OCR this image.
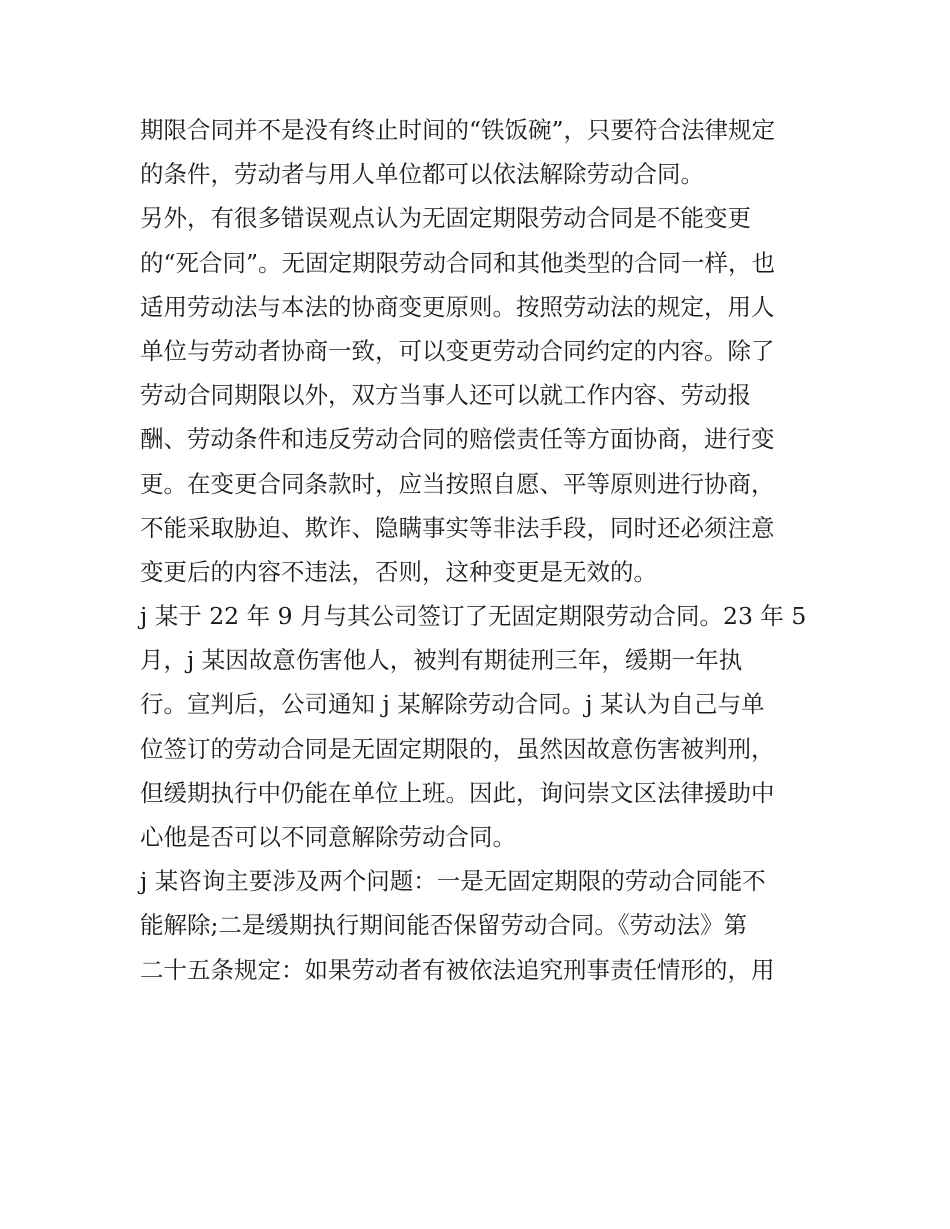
期限合同并不是没有终止时间的“铁饭碗”，只要符合法律规定
的条件，劳动者与用人单位都可以依法解除劳动合同。
另外，有很多错误观点认为无固定期限劳动合同是不能变更
的“死合同”。无固定期限劳动合同和其他类型的合同一样，也
适用劳动法与本法的协商变更原则。按照劳动法的规定，用人
单位与劳动者协商一致，可以变更劳动合同约定的内容。除了
劳动合同期限以外，双方当事人还可以就工作内容、劳动报
酬、劳动条件和违反劳动合同的赔偿责任等方面协商，进行变
更。在变更合同条款时，应当按照自愿、平等原则进行协商，
不能采取胁迫、欺诈、隐瞒事实等非法手段，同时还必须注意
变更后的内容不违法，否则，这种变更是无效的。
j 某于 22 年 9 月与其公司签订了无固定期限劳动合同。23 年 5
月，j 某因故意伤害他人，被判有期徒刑三年，缓期一年执
行。宣判后，公司通知 j 某解除劳动合同。j 某认为自己与单
位签订的劳动合同是无固定期限的，虽然因故意伤害被判刑，
但缓期执行中仍能在单位上班。因此，询问崇文区法律援助中
心他是否可以不同意解除劳动合同。
j 某咨询主要涉及两个问题：一是无固定期限的劳动合同能不
能解除;二是缓期执行期间能否保留劳动合同。《劳动法》第
二十五条规定：如果劳动者有被依法追究刑事责任情形的，用
